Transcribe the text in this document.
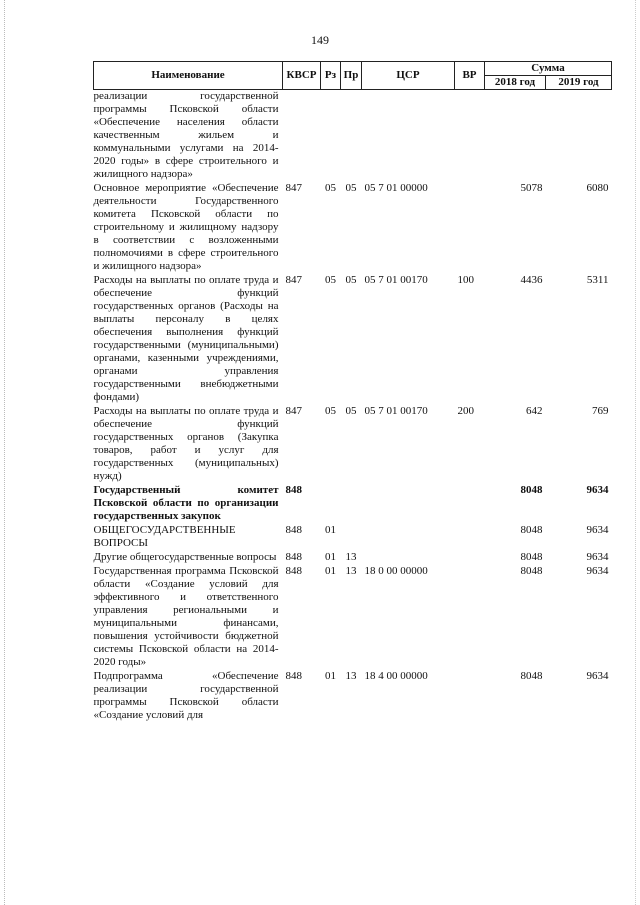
149
Наименование	КВСР	Рз	Пр	ЦСР	ВР	Сумма	
						2018 год	2019 год
реализации государственной программы Псковской области «Обеспечение населения области качественным жильем и коммунальными услугами на 2014-2020 годы» в сфере строительного и жилищного надзора»							
Основное мероприятие «Обеспечение деятельности Государственного комитета Псковской области по строительному и жилищному надзору в соответствии с возложенными полномочиями в сфере строительного и жилищного надзора»	847	05	05	05 7 01 00000		5078	6080
Расходы на выплаты по оплате труда и обеспечение функций государственных органов (Расходы на выплаты персоналу в целях обеспечения выполнения функций государственными (муниципальными) органами, казенными учреждениями, органами управления государственными внебюджетными фондами)	847	05	05	05 7 01 00170	100	4436	5311
Расходы на выплаты по оплате труда и обеспечение функций государственных органов (Закупка товаров, работ и услуг для государственных (муниципальных) нужд)	847	05	05	05 7 01 00170	200	642	769
Государственный комитет Псковской области по организации государственных закупок	848					8048	9634
ОБЩЕГОСУДАРСТВЕННЫЕ ВОПРОСЫ	848	01				8048	9634
Другие общегосударственные вопросы	848	01	13			8048	9634
Государственная программа Псковской области «Создание условий для эффективного и ответственного управления региональными и муниципальными финансами, повышения устойчивости бюджетной системы Псковской области на 2014-2020 годы»	848	01	13	18 0 00 00000		8048	9634
Подпрограмма «Обеспечение реализации государственной программы Псковской области «Создание условий для	848	01	13	18 4 00 00000		8048	9634
